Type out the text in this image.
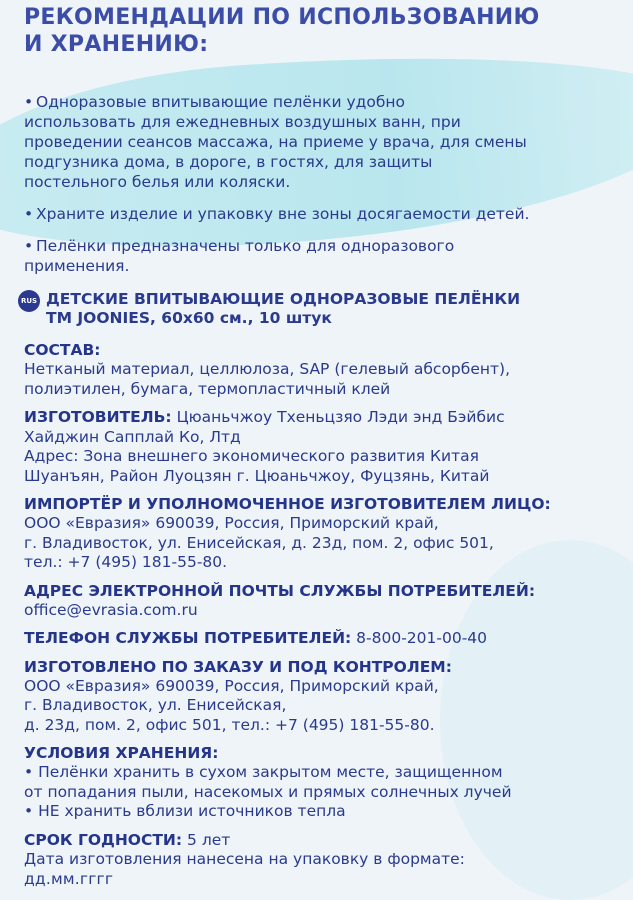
РЕКОМЕНДАЦИИ ПО ИСПОЛЬЗОВАНИЮ
И ХРАНЕНИЮ:
• Одноразовые впитывающие пелёнки удобно
использовать для ежедневных воздушных ванн, при
проведении сеансов массажа, на приеме у врача, для смены
подгузника дома, в дороге, в гостях, для защиты
постельного белья или коляски.
• Храните изделие и упаковку вне зоны досягаемости детей.
• Пелёнки предназначены только для одноразового
применения.
RUS ДЕТСКИЕ ВПИТЫВАЮЩИЕ ОДНОРАЗОВЫЕ ПЕЛЁНКИ
ТМ JOONIES, 60х60 см., 10 штук
СОСТАВ:
Нетканый материал, целлюлоза, SAP (гелевый абсорбент),
полиэтилен, бумага, термопластичный клей
ИЗГОТОВИТЕЛЬ: Цюаньчжоу Тхеньцзяо Лэди энд Бэйбис
Хайджин Сапплай Ко, Лтд
Адрес: Зона внешнего экономического развития Китая
Шуанъян, Район Луоцзян г. Цюаньчжоу, Фуцзянь, Китай
ИМПОРТЁР И УПОЛНОМОЧЕННОЕ ИЗГОТОВИТЕЛЕМ ЛИЦО:
ООО «Евразия» 690039, Россия, Приморский край,
г. Владивосток, ул. Енисейская, д. 23д, пом. 2, офис 501,
тел.: +7 (495) 181-55-80.
АДРЕС ЭЛЕКТРОННОЙ ПОЧТЫ СЛУЖБЫ ПОТРЕБИТЕЛЕЙ:
office@evrasia.com.ru
ТЕЛЕФОН СЛУЖБЫ ПОТРЕБИТЕЛЕЙ: 8-800-201-00-40
ИЗГОТОВЛЕНО ПО ЗАКАЗУ И ПОД КОНТРОЛЕМ:
ООО «Евразия» 690039, Россия, Приморский край,
г. Владивосток, ул. Енисейская,
д. 23д, пом. 2, офис 501, тел.: +7 (495) 181-55-80.
УСЛОВИЯ ХРАНЕНИЯ:
• Пелёнки хранить в сухом закрытом месте, защищенном
от попадания пыли, насекомых и прямых солнечных лучей
• НЕ хранить вблизи источников тепла
СРОК ГОДНОСТИ: 5 лет
Дата изготовления нанесена на упаковку в формате:
дд.мм.гггг
